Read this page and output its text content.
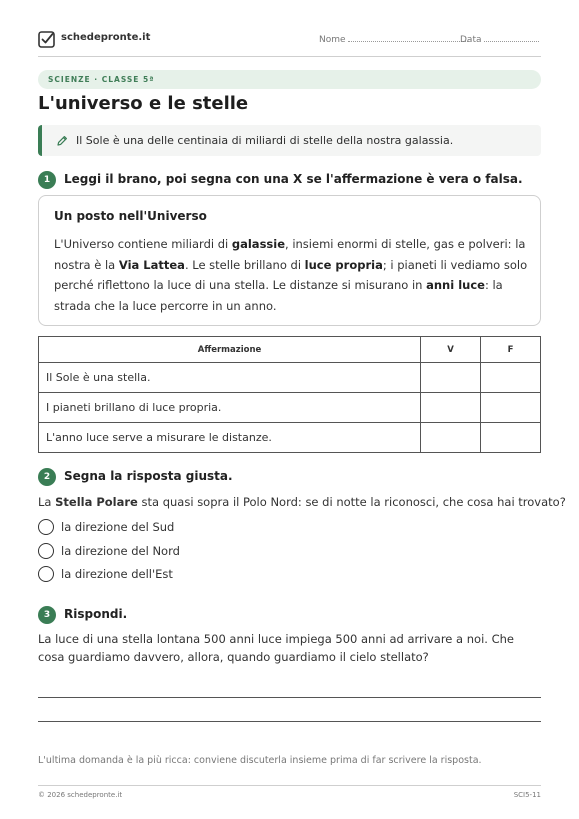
schedepronte.it	Nome	Data
SCIENZE · CLASSE 5ª
L'universo e le stelle
Il Sole è una delle centinaia di miliardi di stelle della nostra galassia.
1	Leggi il brano, poi segna con una X se l'affermazione è vera o falsa.
Un posto nell'Universo
L'Universo contiene miliardi di galassie, insiemi enormi di stelle, gas e polveri: la nostra è la Via Lattea. Le stelle brillano di luce propria; i pianeti li vediamo solo perché riflettono la luce di una stella. Le distanze si misurano in anni luce: la strada che la luce percorre in un anno.
Affermazione	V	F
Il Sole è una stella.		
I pianeti brillano di luce propria.		
L'anno luce serve a misurare le distanze.		
2	Segna la risposta giusta.
La Stella Polare sta quasi sopra il Polo Nord: se di notte la riconosci, che cosa hai trovato?
la direzione del Sud
la direzione del Nord
la direzione dell'Est
3	Rispondi.
La luce di una stella lontana 500 anni luce impiega 500 anni ad arrivare a noi. Che cosa guardiamo davvero, allora, quando guardiamo il cielo stellato?
L'ultima domanda è la più ricca: conviene discuterla insieme prima di far scrivere la risposta.
© 2026 schedepronte.it	SCI5-11
